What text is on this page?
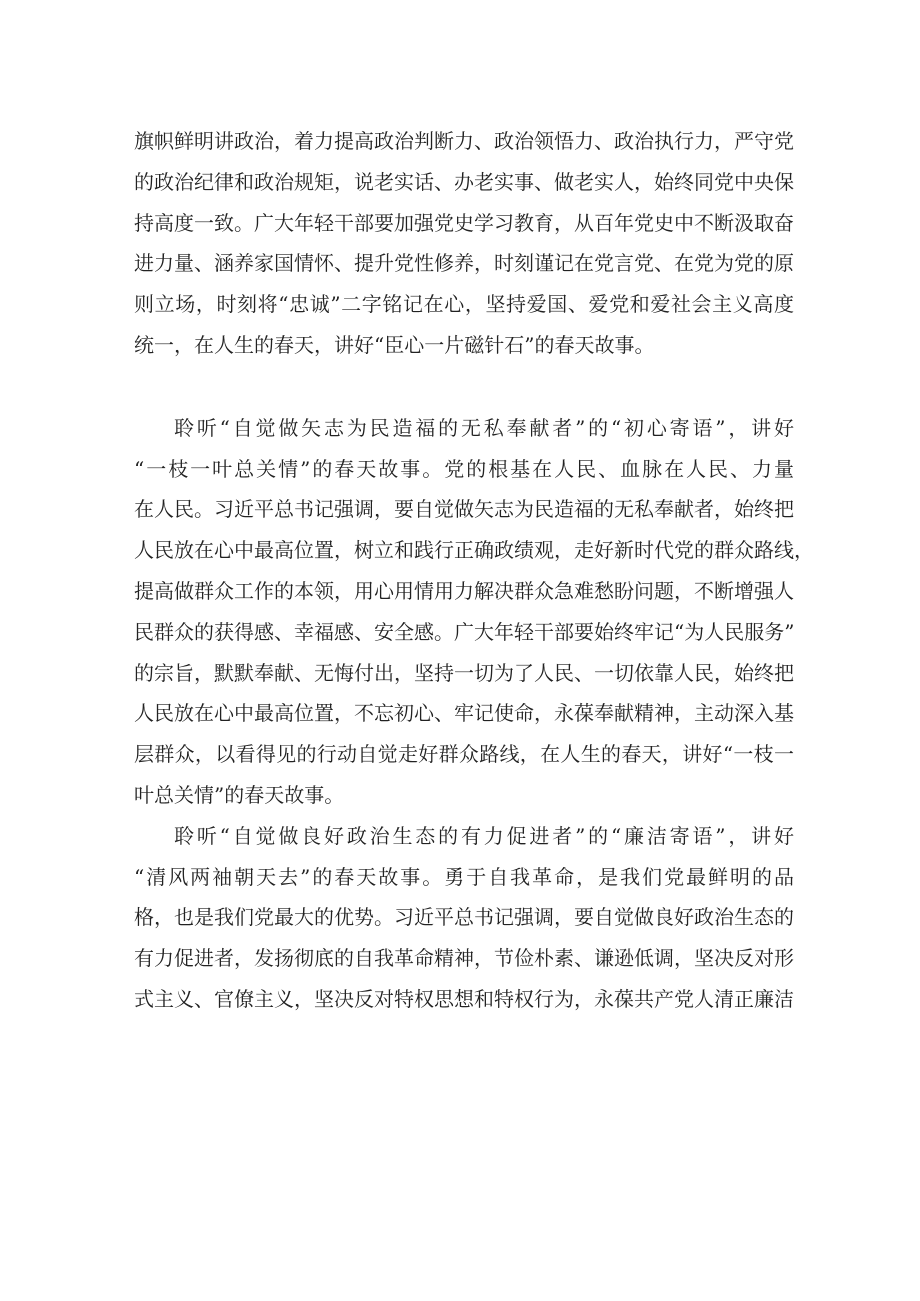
旗帜鲜明讲政治，着力提高政治判断力、政治领悟力、政治执行力，严守党
的政治纪律和政治规矩，说老实话、办老实事、做老实人，始终同党中央保
持高度一致。广大年轻干部要加强党史学习教育，从百年党史中不断汲取奋
进力量、涵养家国情怀、提升党性修养，时刻谨记在党言党、在党为党的原
则立场，时刻将“忠诚”二字铭记在心，坚持爱国、爱党和爱社会主义高度
统一，在人生的春天，讲好“臣心一片磁针石”的春天故事。
聆听“自觉做矢志为民造福的无私奉献者”的“初心寄语”，讲好
“一枝一叶总关情”的春天故事。党的根基在人民、血脉在人民、力量
在人民。习近平总书记强调，要自觉做矢志为民造福的无私奉献者，始终把
人民放在心中最高位置，树立和践行正确政绩观，走好新时代党的群众路线，
提高做群众工作的本领，用心用情用力解决群众急难愁盼问题，不断增强人
民群众的获得感、幸福感、安全感。广大年轻干部要始终牢记“为人民服务”
的宗旨，默默奉献、无悔付出，坚持一切为了人民、一切依靠人民，始终把
人民放在心中最高位置，不忘初心、牢记使命，永葆奉献精神，主动深入基
层群众，以看得见的行动自觉走好群众路线，在人生的春天，讲好“一枝一
叶总关情”的春天故事。
聆听“自觉做良好政治生态的有力促进者”的“廉洁寄语”，讲好
“清风两袖朝天去”的春天故事。勇于自我革命，是我们党最鲜明的品
格，也是我们党最大的优势。习近平总书记强调，要自觉做良好政治生态的
有力促进者，发扬彻底的自我革命精神，节俭朴素、谦逊低调，坚决反对形
式主义、官僚主义，坚决反对特权思想和特权行为，永葆共产党人清正廉洁
